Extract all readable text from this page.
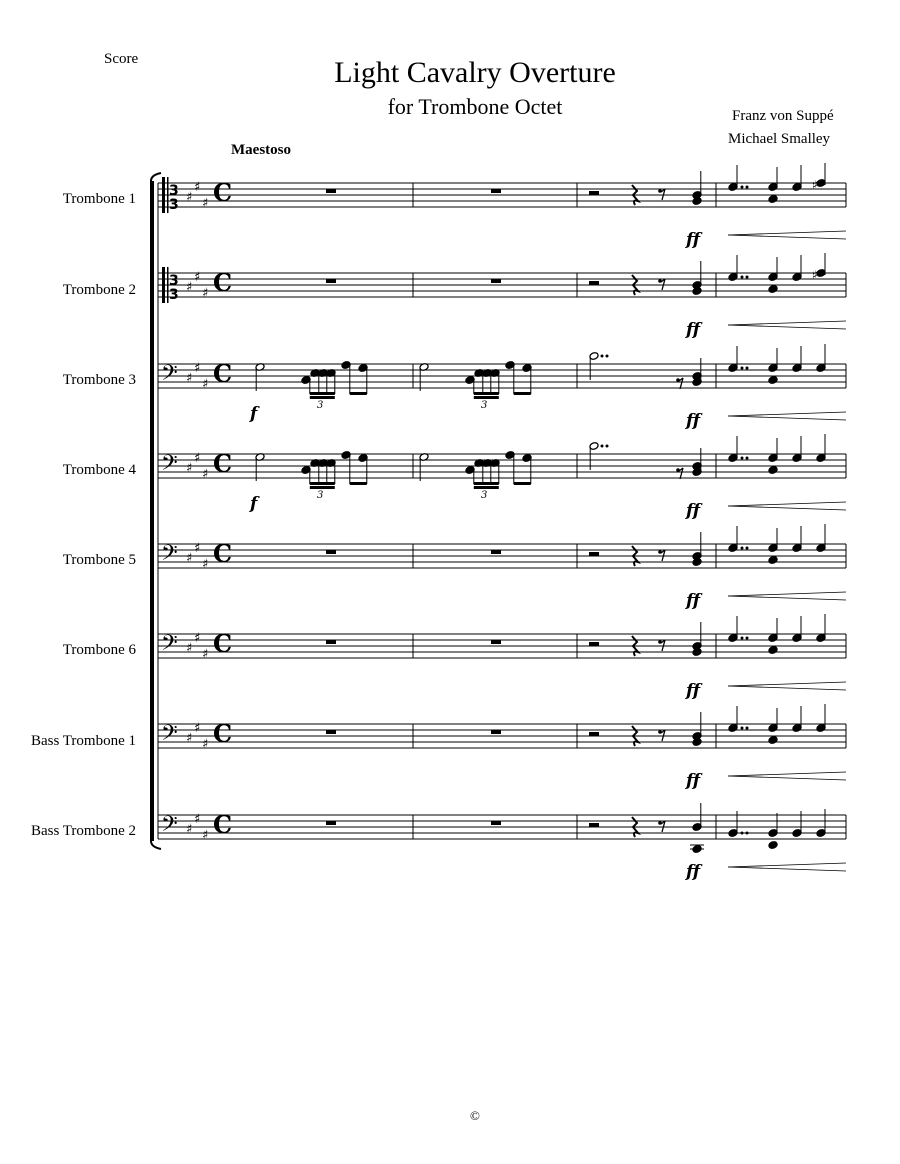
Score	Light Cavalry Overture
for Trombone Octet	Franz von Suppé
Michael Smalley
Maestoso
Trombone 1
Trombone 2
Trombone 3
Trombone 4
Trombone 5
Trombone 6
Bass Trombone 1
Bass Trombone 2
3
3 ♯
♯
♯ C	♯
ff
3
3 ♯
♯
♯ C	♯
ff
𝄢 ♯
♯
♯ C
3	3
f	ff
𝄢 ♯
♯
♯ C
3	3
f	ff
𝄢 ♯
♯
♯ C
ff
𝄢 ♯
♯
♯ C
ff
𝄢 ♯
♯
♯ C
ff
𝄢 ♯
♯
♯ C
ff
©
